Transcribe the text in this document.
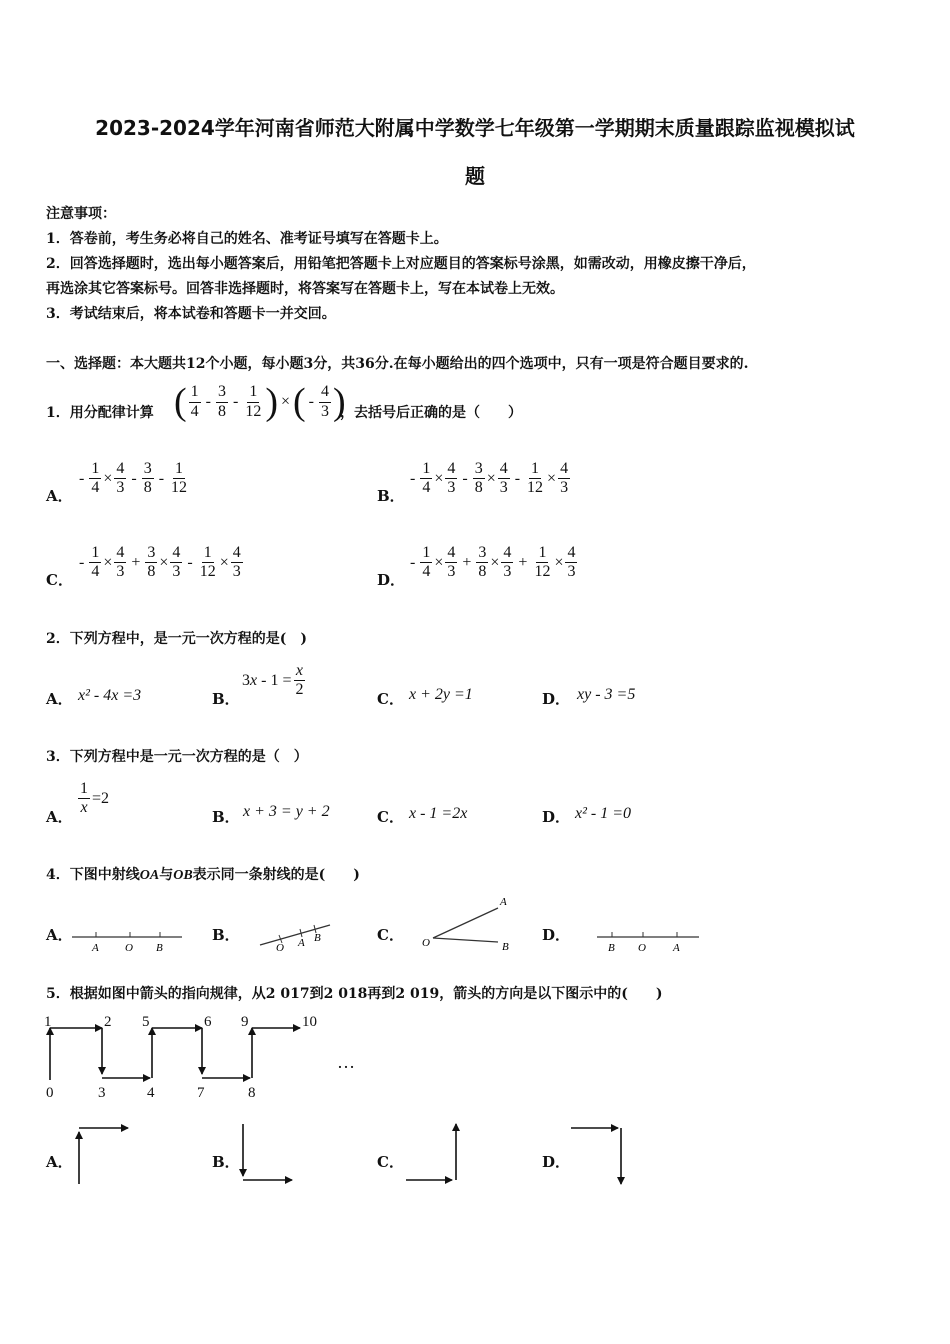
2023-2024学年河南省师范大附属中学数学七年级第一学期期末质量跟踪监视模拟试
题
注意事项：
1．答卷前，考生务必将自己的姓名、准考证号填写在答题卡上。
2．回答选择题时，选出每小题答案后，用铅笔把答题卡上对应题目的答案标号涂黑，如需改动，用橡皮擦干净后，
再选涂其它答案标号。回答非选择题时，将答案写在答题卡上，写在本试卷上无效。
3．考试结束后，将本试卷和答题卡一并交回。
一、选择题：本大题共12个小题，每小题3分，共36分.在每小题给出的四个选项中，只有一项是符合题目要求的.
1．用分配律计算 ( $\frac{1}{4} - \frac{3}{8} - \frac{1}{12}$ ) × ( - $\frac{4}{3}$ )
，去括号后正确的是（　　）
A．
- $\frac{1}{4} \times \frac{4}{3} - \frac{3}{8} - \frac{1}{12}$	B．
- $\frac{1}{4} \times \frac{4}{3} - \frac{3}{8} \times \frac{4}{3} - \frac{1}{12} \times \frac{4}{3}$
C．
- $\frac{1}{4} \times \frac{4}{3} + \frac{3}{8} \times \frac{4}{3} - \frac{1}{12} \times \frac{4}{3}$	D．
- $\frac{1}{4} \times \frac{4}{3} + \frac{3}{8} \times \frac{4}{3} + \frac{1}{12} \times \frac{4}{3}$
2．下列方程中，是一元一次方程的是(　)
A． x² - 4x =3	B．
$3x - 1 = \frac{x}{2}$	C． x + 2y =1	D． xy - 3 =5
3．下列方程中是一元一次方程的是（　）
A． $\frac{1}{x} =2$
B． x + 3 = y + 2	C． x - 1 =2x	D． x² - 1 =0
4．下图中射线OA与OB表示同一条射线的是(　　)
A．
A O B
B．
O A B	C．
A
O	B
D．
B O A
5．根据如图中箭头的指向规律，从2 017到2 018再到2 019，箭头的方向是以下图示中的(　　)
1	2 5	6 9	10
0	3	4	7	8
…
A．	B．	C．	D．
